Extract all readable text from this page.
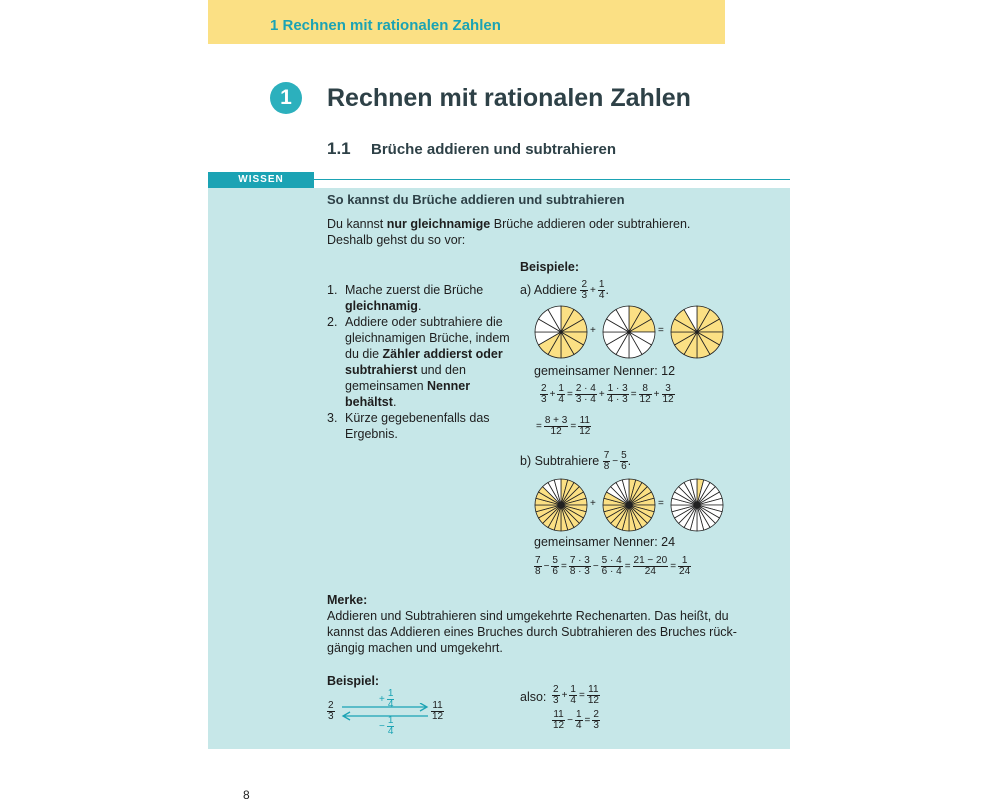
1 Rechnen mit rationalen Zahlen
1	Rechnen mit rationalen Zahlen
1.1 Brüche addieren und subtrahieren
WISSEN
So kannst du Brüche addieren und subtrahieren
Du kannst nur gleichnamige Brüche addieren oder subtrahieren.
Deshalb gehst du so vor:
1. Mache zuerst die Brüche
gleichnamig.
2. Addiere oder subtrahiere die gleichnamigen Brüche, indem du die Zähler addierst oder subtrahierst und den gemeinsamen Nenner behältst.
3. Kürze gegebenenfalls das Ergebnis.
Beispiele:
a) Addiere $\frac{2}{3} + \frac{1}{4}$ .
+	=
gemeinsamer Nenner: 12
$\frac{2}{3} + \frac{1}{4} = \frac{2 \cdot 4}{3 \cdot 4} + \frac{1 \cdot 3}{4 \cdot 3} = \frac{8}{12} + \frac{3}{12}$
= $\frac{8 + 3}{12} = \frac{11}{12}$
b) Subtrahiere $\frac{7}{8} - \frac{5}{6}$ .
+	=
gemeinsamer Nenner: 24
$\frac{7}{8} - \frac{5}{6} = \frac{7 \cdot 3}{8 \cdot 3} - \frac{5 \cdot 4}{6 \cdot 4} = \frac{21 - 20}{24} = \frac{1}{24}$
Merke:
Addieren und Subtrahieren sind umgekehrte Rechenarten. Das heißt, du
kannst das Addieren eines Bruches durch Subtrahieren des Bruches rück-
gängig machen und umgekehrt.
Beispiel:
$\frac{2}{3}$	$\frac{11}{12}$
+ $\frac{1}{4}$
− $\frac{1}{4}$
also: $\frac{2}{3} + \frac{1}{4} = \frac{11}{12}$
$\frac{11}{12} - \frac{1}{4} = \frac{2}{3}$
8
